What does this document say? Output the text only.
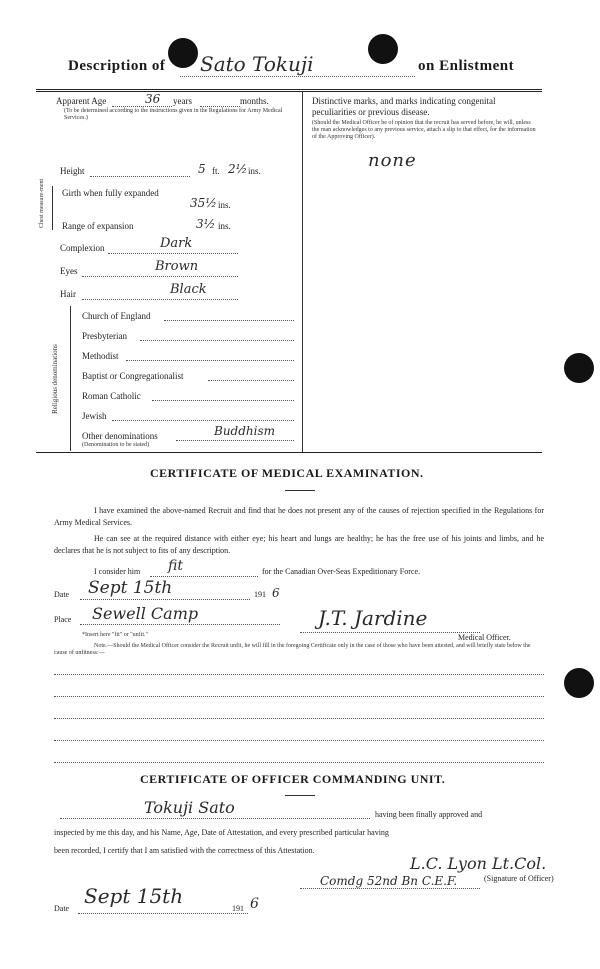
Description of Sato Tokuji	on Enlistment
Apparent Age	36 years	months.
(To be determined according to the instructions given in the Regulations for Army Medical Services.)
Height	5 ft. 2½ ins.
Chest measure-ment Girth when fully expanded
35½ ins.
Range of expansion	3½ ins.
Complexion	Dark
Eyes	Brown
Hair	Black
Religious denominations
Church of England
Presbyterian
Methodist
Baptist or Congregationalist
Roman Catholic
Jewish
Other denominations
(Denomination to be stated)
Buddhism
Distinctive marks, and marks indicating congenital peculiarities or previous disease.
(Should the Medical Officer be of opinion that the recruit has served before, he will, unless the man acknowledges to any previous service, attach a slip to that effect, for the information of the Approving Officer).
none
CERTIFICATE OF MEDICAL EXAMINATION.
I have examined the above-named Recruit and find that he does not present any of the causes of rejection specified in the Regulations for Army Medical Services.
He can see at the required distance with either eye; his heart and lungs are healthy; he has the free use of his joints and limbs, and he declares that he is not subject to fits of any description.
I consider him fit	for the Canadian Over-Seas Expeditionary Force.
Date Sept 15th	191 6
Place Sewell Camp	J.T. Jardine
Medical Officer.
*Insert here "fit" or "unfit."
Note.—Should the Medical Officer consider the Recruit unfit, he will fill in the foregoing Certificate only in the case of those who have been attested, and will briefly state below the cause of unfitness:—
CERTIFICATE OF OFFICER COMMANDING UNIT.
Tokuji Sato	having been finally approved and
inspected by me this day, and his Name, Age, Date of Attestation, and every prescribed particular having
been recorded, I certify that I am satisfied with the correctness of this Attestation.
L.C. Lyon Lt.Col.
Comdg 52nd Bn C.E.F.	(Signature of Officer)
Date
Sept 15th
191 6
